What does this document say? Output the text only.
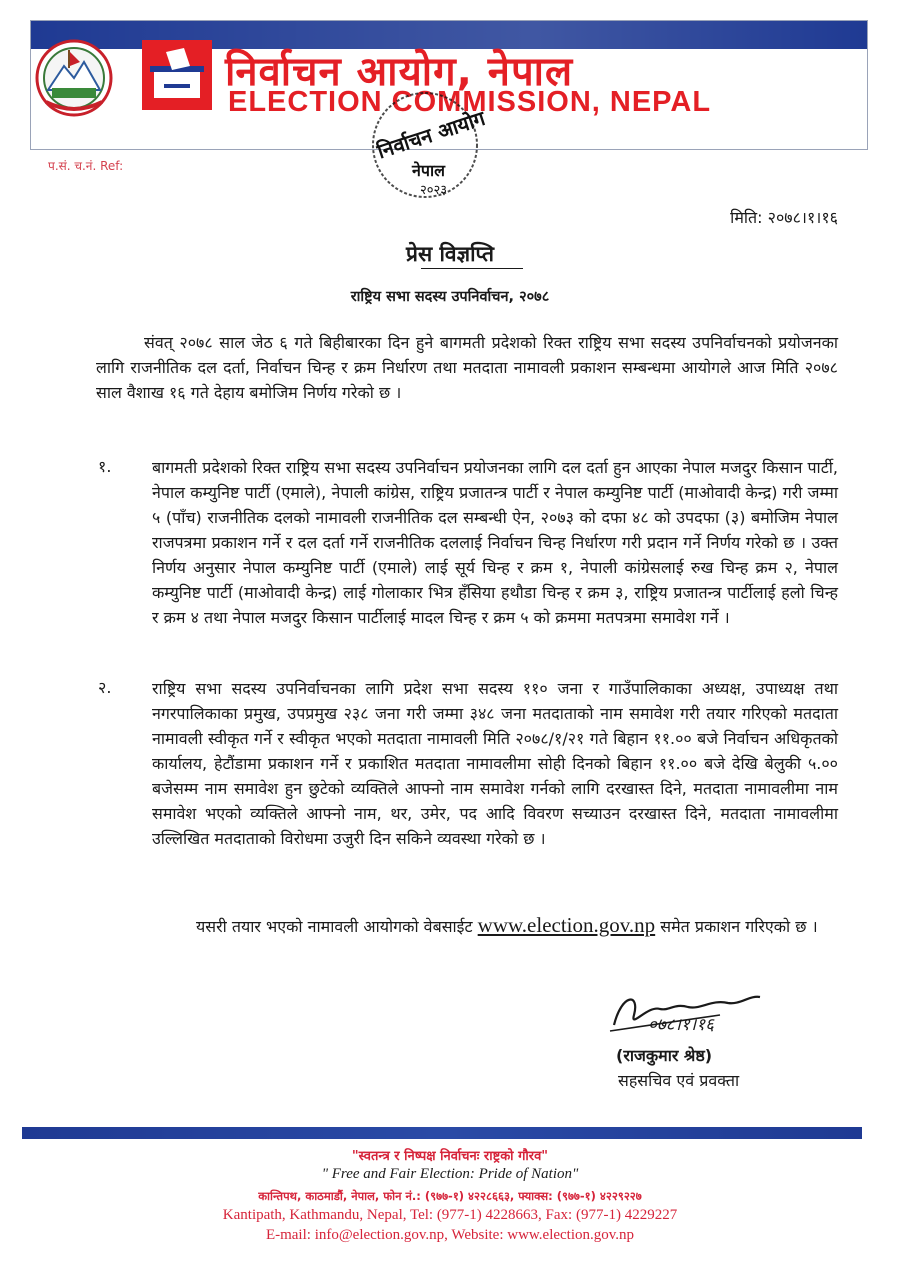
निर्वाचन आयोग, नेपाल
ELECTION COMMISSION, NEPAL
निर्वाचन आयोग
नेपाल
२०२३
प.सं. च.नं. Ref:
मिति: २०७८।१।१६
प्रेस विज्ञप्ति
राष्ट्रिय सभा सदस्य उपनिर्वाचन, २०७८
संवत् २०७८ साल जेठ ६ गते बिहीबारका दिन हुने बागमती प्रदेशको रिक्त राष्ट्रिय सभा सदस्य उपनिर्वाचनको प्रयोजनका लागि राजनीतिक दल दर्ता, निर्वाचन चिन्ह र क्रम निर्धारण तथा मतदाता नामावली प्रकाशन सम्बन्धमा आयोगले आज मिति २०७८ साल वैशाख १६ गते देहाय बमोजिम निर्णय गरेको छ ।
१.	बागमती प्रदेशको रिक्त राष्ट्रिय सभा सदस्य उपनिर्वाचन प्रयोजनका लागि दल दर्ता हुन आएका नेपाल मजदुर किसान पार्टी, नेपाल कम्युनिष्ट पार्टी (एमाले), नेपाली कांग्रेस, राष्ट्रिय प्रजातन्त्र पार्टी र नेपाल कम्युनिष्ट पार्टी (माओवादी केन्द्र) गरी जम्मा ५ (पाँच) राजनीतिक दलको नामावली राजनीतिक दल सम्बन्धी ऐन, २०७३ को दफा ४८ को उपदफा (३) बमोजिम नेपाल राजपत्रमा प्रकाशन गर्ने र दल दर्ता गर्ने राजनीतिक दललाई निर्वाचन चिन्ह निर्धारण गरी प्रदान गर्ने निर्णय गरेको छ । उक्त निर्णय अनुसार नेपाल कम्युनिष्ट पार्टी (एमाले) लाई सूर्य चिन्ह र क्रम १, नेपाली कांग्रेसलाई रुख चिन्ह क्रम २, नेपाल कम्युनिष्ट पार्टी (माओवादी केन्द्र) लाई गोलाकार भित्र हँसिया हथौडा चिन्ह र क्रम ३, राष्ट्रिय प्रजातन्त्र पार्टीलाई हलो चिन्ह र क्रम ४ तथा नेपाल मजदुर किसान पार्टीलाई मादल चिन्ह र क्रम ५ को क्रममा मतपत्रमा समावेश गर्ने ।
२.	राष्ट्रिय सभा सदस्य उपनिर्वाचनका लागि प्रदेश सभा सदस्य ११० जना र गाउँपालिकाका अध्यक्ष, उपाध्यक्ष तथा नगरपालिकाका प्रमुख, उपप्रमुख २३८ जना गरी जम्मा ३४८ जना मतदाताको नाम समावेश गरी तयार गरिएको मतदाता नामावली स्वीकृत गर्ने र स्वीकृत भएको मतदाता नामावली मिति २०७८/१/२१ गते बिहान ११.०० बजे निर्वाचन अधिकृतको कार्यालय, हेटौंडामा प्रकाशन गर्ने र प्रकाशित मतदाता नामावलीमा सोही दिनको बिहान ११.०० बजे देखि बेलुकी ५.०० बजेसम्म नाम समावेश हुन छुटेको व्यक्तिले आफ्नो नाम समावेश गर्नको लागि दरखास्त दिने, मतदाता नामावलीमा नाम समावेश भएको व्यक्तिले आफ्नो नाम, थर, उमेर, पद आदि विवरण सच्याउन दरखास्त दिने, मतदाता नामावलीमा उल्लिखित मतदाताको विरोधमा उजुरी दिन सकिने व्यवस्था गरेको छ ।
यसरी तयार भएको नामावली आयोगको वेबसाईट www.election.gov.np समेत प्रकाशन गरिएको छ ।
०७८।१।१६
(राजकुमार श्रेष्ठ)
सहसचिव एवं प्रवक्ता
"स्वतन्त्र र निष्पक्ष निर्वाचनः राष्ट्रको गौरव"
" Free and Fair Election: Pride of Nation"
कान्तिपथ, काठमाडौं, नेपाल, फोन नं.: (९७७-१) ४२२८६६३, फ्याक्स: (९७७-१) ४२२९२२७
Kantipath, Kathmandu, Nepal, Tel: (977-1) 4228663, Fax: (977-1) 4229227
E-mail: info@election.gov.np, Website: www.election.gov.np
